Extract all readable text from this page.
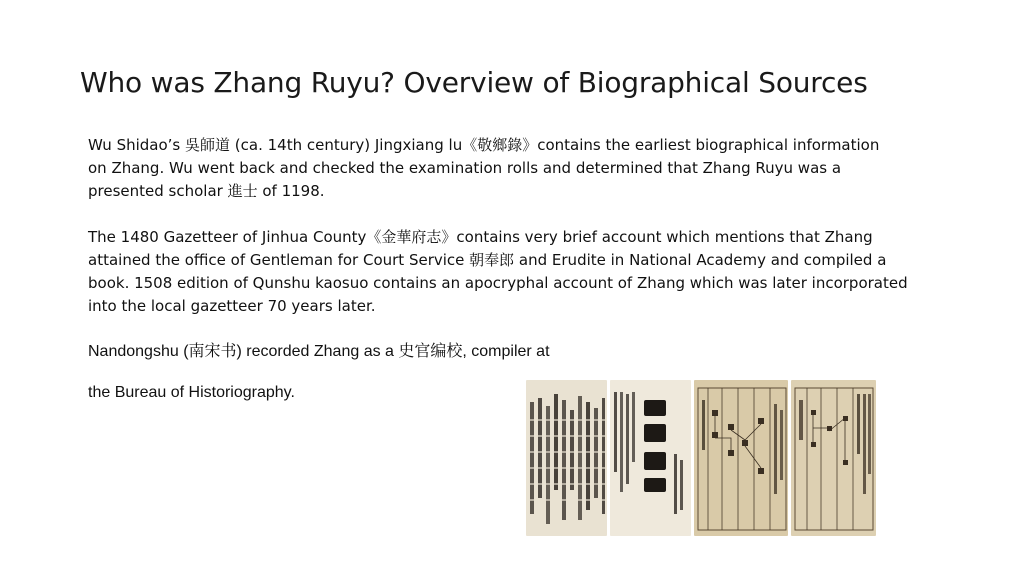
Who was Zhang Ruyu? Overview of Biographical Sources
Wu Shidao’s 吳師道 (ca. 14th century) Jingxiang lu《敬鄉錄》contains the earliest biographical information
on Zhang. Wu went back and checked the examination rolls and determined that Zhang Ruyu was a
presented scholar 進士 of 1198.
The 1480 Gazetteer of Jinhua County《金華府志》contains very brief account which mentions that Zhang
attained the office of Gentleman for Court Service 朝奉郎 and Erudite in National Academy and compiled a
book. 1508 edition of Qunshu kaosuo contains an apocryphal account of Zhang which was later incorporated
into the local gazetteer 70 years later.
Nandongshu (南宋书) recorded Zhang as a 史官编校, compiler at
the Bureau of Historiography.
